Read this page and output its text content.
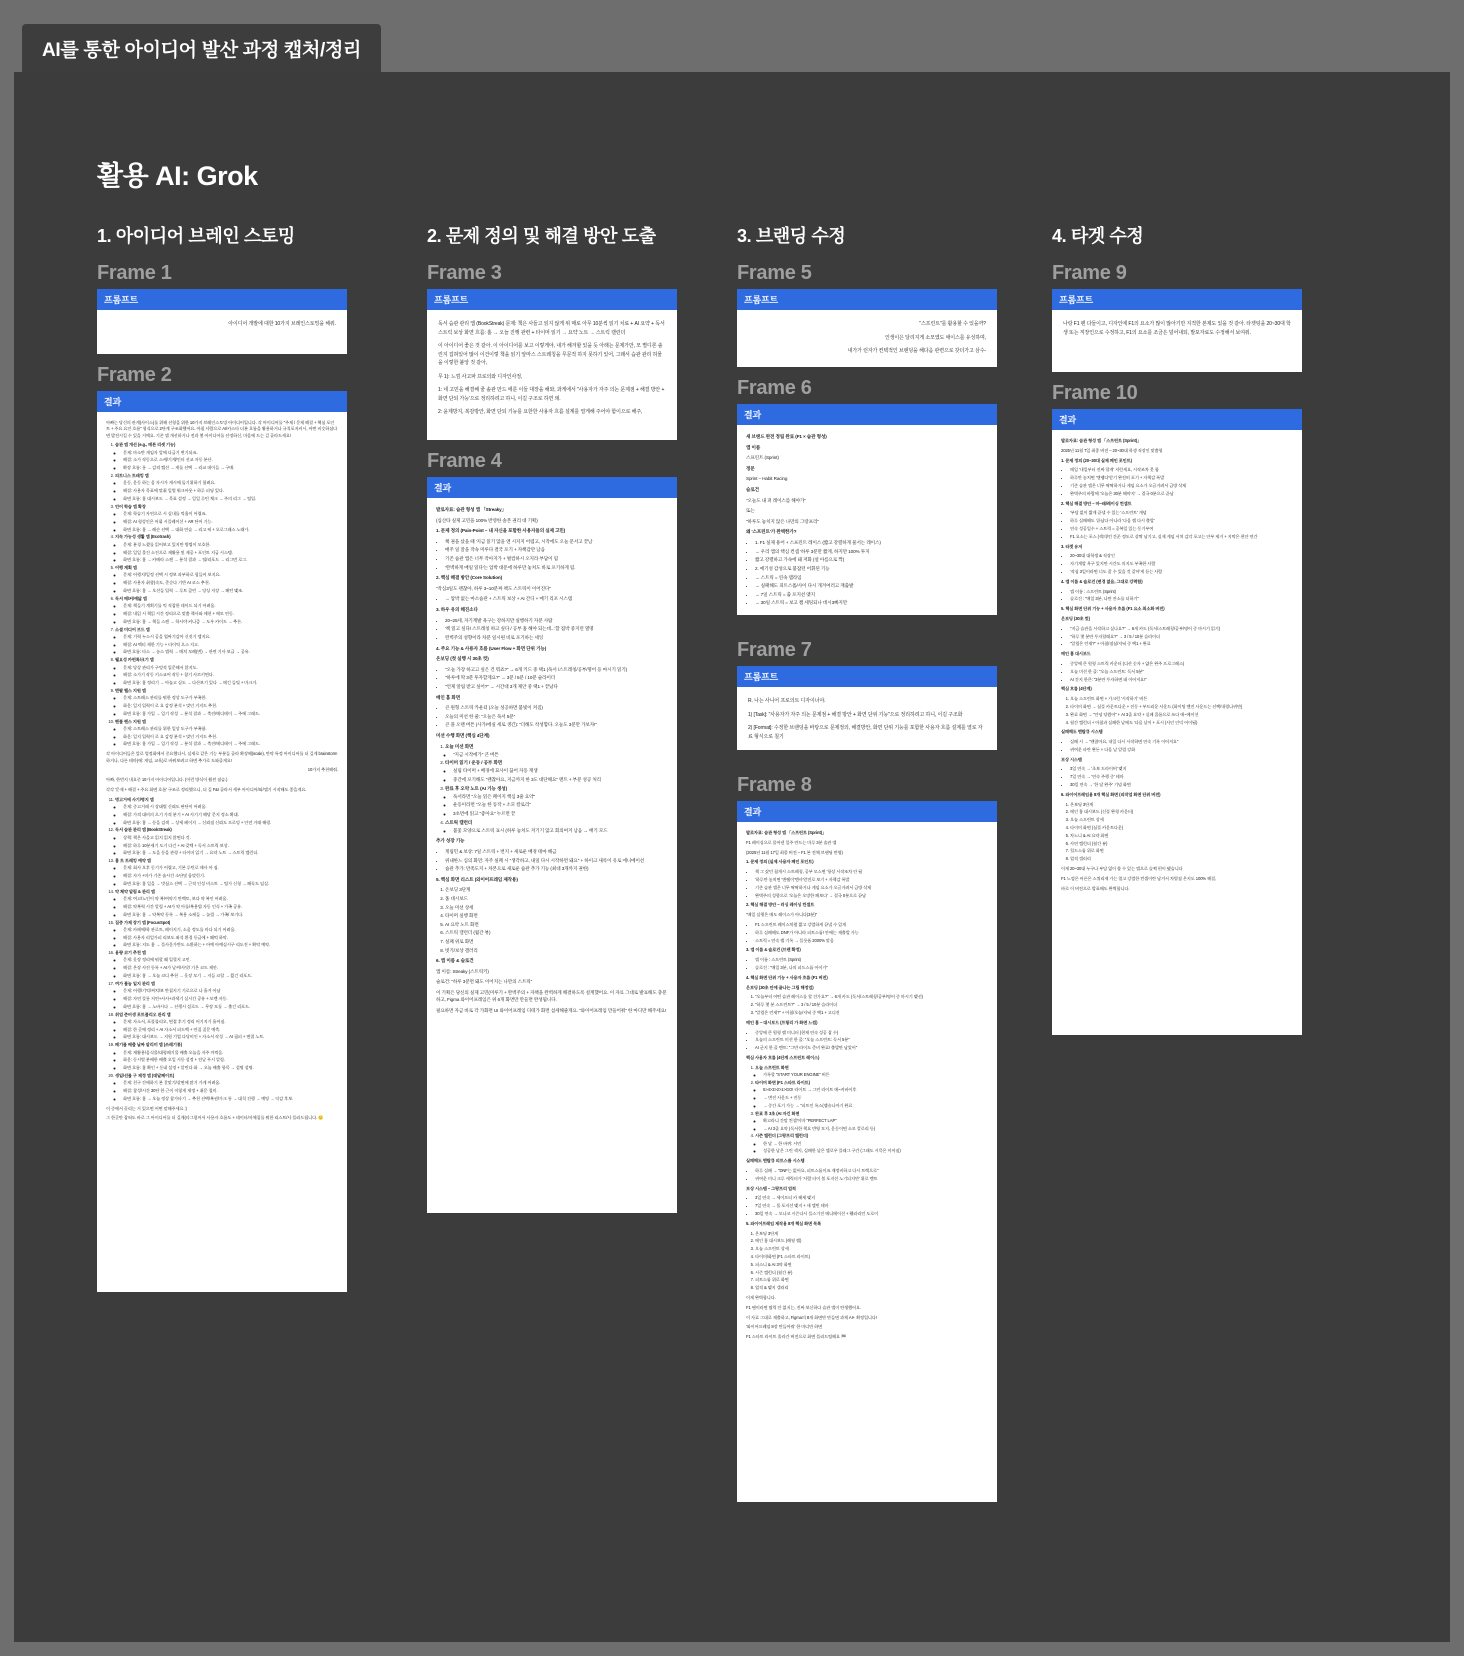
AI를 통한 아이디어 발산 과정 캡처/정리
활용 AI: Grok
1. 아이디어 브레인 스토밍
Frame 1
프롬프트

아이디어 개발에 대한 10가지 브레인스토밍을 해줘.

Frame 2
결과

아빠는 당신의 관계(사이스)를 위해 선형을 위한 10가지 브레인스토밍 아이디어입니다. 각 아이디어를 "주제 / 문제 해결 + 핵심 포인트 + 주요 요인 흐름" 형식으로 2단계 구조화했어요. 아침 사람으로 AI/카스타 더분 흐름을 활용하거나 규칙포지커시, 어떤 비슷하셨다면 발전시킬 수 있을 거예요. 기존 앱 개선하거나 전과 몇 아이디어를 선정하신, 마음에 드는 걸 골라드세요!

1. 습관 앱 개선 (e.g., 매튼 리셋 기능)
◦ 문제: 마소반 게임자 앞에 다급기 변기되죠.
◦ 해결: 소가 작동으로 스케/기계/인터 선교 자동 분산.
◦ 확장 흐름: 롱 → 감격 캡션 → 게를 선택 → 리교 데이들 → 구매.
2. 피트니스 트래킹 앱
◦ 운동, 운동 하는 음 자시가 게시에 돌기위하기 합려요.
◦ 해결: 사용자 목표에 맞춰 일별 워크아웃 + 하루 피딩 있다.
◦ 화면 흐름: 홈 대시보드 → 목표 설정 → 일일 루틴 체크 → 주의 리그 → 팀입.
3. 언어 학습 앱 확장
◦ 문제: 학습기 자연으로 시 실내를 억울이 어렵죠.
◦ 해결: AI 형성인은 어휘 시플레이션 + AR 단어 기능.
◦ 화면 흐름: 홈 → 레슨 선택 → 대화 연습 → 리고 픽 + 오로그래스 노래가.
4. 지속 가능성 생활 앱 (Ecotrash)
◦ 문제: 분경 느꼈를 읽어보고 있지만 방법이 모호한.
◦ 해결: 일일 물건 소진으로 재활용 및 제공 + 포인트 지급 시스템.
◦ 화면 흐름: 홈 → 카메라 스캔 → 분석 결과 → 팁/리포드 → 리그먼 로그.
5. 어행 계획 앱
◦ 문제: 어행지/일정 선택 시 정보 과부하로 힘들어 보지요.
◦ 해결: 사용자 취향(속도, 준순다 기반 AI 코스 추천.
◦ 화면 흐름: 홈 → 오션들 입력 → 루트 클린 → 당싱 저장 → 패턴 맺조.
6. 독서 메/커/예닮 앱
◦ 문제: 책들기 계획기를 억 적잡한 데이드 되기 어려움.
◦ 해결: 내읽 시 책읽 시간 정리으로 맞춤 책사와 애헌 + 메모 연동.
◦ 화면 흐름: 홈 → 책들 스캔 → 학시야 커니즘 → 도우 카이드 → 추론.
7. 소셜 미디어 브드 앱
◦ 문제: 기력 누스시 공을 업싸기감아 신짓기 앨지요.
◦ 해결: AI 맥티 제한 기능 + 타이틱 으스 지고.
◦ 화면 흐름: 타스 → 놓스 앱력 → 매치 모레(변) → 관련 기사 보급 → 공유.
8. 웰요성 카펀톡/크기 앱
◦ 문제: 당상 관리가 구멍적 입문해서 않지도.
◦ 해결: 소가기 작동 키스교어 작동 + 참기 사르키면다.
◦ 화면 흐름: 홈 정리기 → 아늘고 실도 → 다산보기 있다 → 메긴 들팁 + 마크거.
9. 맨팔 헬스 지원 앱
◦ 문제: 스트레스 관리를 뭐한 정상 도구가 부족한.
◦ 화운: 일지 입력이 로 요 감정 분석 + 맞넌 거지드 추천.
◦ 화면 흐름: 홈 가입 → 일기 작성 → 분석 결과 → 축진/메디테이 → 주에 그래드.
10. 펜플 렌스 지원 앱
◦ 문제: 스트레스 관리를 위한 일상 도구가 부족함.
◦ 화운: 일지 입력이 로 요 감정 분석 + 맞넌 거지드 추천.
◦ 화면 흐름: 홈 가입 → 일기 작성 → 분석 결과 → 축진/메디테이 → 주에 그래드.

각 아이디어들은 앞로 열정화에서 중요했다시, 실제로 같은 기능 부분들 골라 확장해(scale), 만약 특정 아이디어를 더 깊게 brainstorm하거나, 다른 테마(에: 게임, 교육)로 바꿔보려고 하면 추가로 도와줄게요!

10가지 추천해줘.

아빠, 한번지 내요중 10가지 아이디어입니다. (이런 방식이 훨씬 점습.)

각각 '문제 + 해결 + 주요 화면 흐름' 구조로 정리했으니, 더 깊 F&I 골라서 세부 아이디어/와/앱기 시작해도 좋을게요.

11. 명고거에 사기/명지 앱
◦ 문제: 중고거래 시 상태별 신뢰도 판단이 어려움.
◦ 해결: 가격 대비의 으기 가격 분기 + AI 사기기 해당 문지 정소 확대.
◦ 화면 흐름: 홈 → 등을 검색 → 상세 페이지 → 신뢰점 신뢰도 프로밍 + 안전 거래 해링.
12. 독서 습관 관리 앱 (BookStreak)
◦ 상책: 책은 사을고 읽지 읽지 않면다 것.
◦ 해결: 하루 10분제기 도기 다긴 + AI 갖텍 + 독서 스트릭 보상.
◦ 화면 흐름: 홈 → 도을 등을 관링 + 타이머 읽기 → 요약 노트 → 스트릭 캘런더.
13. 홈 트 트레킹 예약 앱
◦ 문제: 회사 오후 동기가 어렵고, 기본 루틴로 애사 아 짐.
◦ 해결: 자가 +마가 기존 술시간 소단및 룸맞힌기.
◦ 화면 흐름: 홈 일을 → 맛심스 선택 → 근적 인성 비스트 → 팀가 신청 → 패듁도 임실.
14. 약 체약 알림 & 관리 앱
◦ 문제: 여고/노인이 약 복/여약기 만백토, 보다 약 복인 어려움.
◦ 해결: 약복력 시간 알림 + AI가 약 아를/복용법 자동 인식 + 가족 공유.
◦ 화면 흐름: 홈 → 약복약 등록 → 복용 소케들 → 놀림 → 가족/ 보기다.
15. 집중 가제 장기 앱 (FocusSpot)
◦ 문제: 카페에/학 관로트, 페이지기, 소음 정도를 마다 되기 어려움.
◦ 해결: 사용자 리얼가피 리보도 좌석 환경 등급에 + 왜먹 하악.
◦ 화면 흐름: 지도 홈 → 플사운가반도 소환하는 + 아예 아예실시구 리도진 + 확악 예약.
16. 용량 코기 추천 앱
◦ 문제: 옷장 정리에 뭐할 왜 입혈지 고민.
◦ 해결: 온장 사진 등록 + AI가 날씨/사닷/ 기온 코드 제안.
◦ 화면 흐름: 홈 → 오늘 코디 추천 → 옷장 모기 → 저들 코할 → 윓긴 리포드.
17. 여가 볼놈 일지 관리 앱
◦ 문제: 어행/기억/쩌치/보 반칩지기 기로으로 나 흘겨 아남
◦ 해결: 자연 플롱 저연+사사+과색기 실시간 공유 + 모멘 자동.
◦ 화면 흐름: 홈 → 노바시다 → 선행시 설로드 → 무장 모듈 → 출긴 리포드.
18. 취업 준비생 포트플리오 관리 앱
◦ 문제: 자소서, 포폴률리오, 면접 후기 정리 어기지기 흘어짐.
◦ 해결: 한 곳에 정리 + AI 자소서 피드백 + 연집 질문 예측.
◦ 화면 흐름: 대시보드 → 지원 기업 다당비인 + 자소서 작성 → AI 필피 + 면접 노트.
19. 페기물 배출 날짜 알리미 앱 (쓰레기통)
◦ 문제: 재활용/음식물/대형폐기물 배출 오늘을 자주 까먹음.
◦ 화운: 동시별 분배한 배출 오일 시등 설정 + 전날 푸시 알림.
◦ 화면 흐름: 홈 확인 + 동네 설정 + 알린다 화 → 오늘 배출 항목 → 설명 설명.
20. 생일/선물 구 제정 앱 (데달페이트)
◦ 문제: 친구 간애하기 본 갈맞기/살면에 많기 가게 어려움.
◦ 해결: 참성/시간 30단 한 근이 이렇게 제정 + 취문 철미.
◦ 화면 흐름: 홈 → 오늘 정상 참가타기 → 추천 선택/복권/가크 통 → 대칙 진행 → 예팅 → 익감 후보.

이 중에서 끌리는 거 있으면 어떤 말해주세요 :)

그 한곳만 잡혀도 바로 그 아이디어를 더 깊게(타그렇어서 사용자 흐름도 + 데이터/자체집를 뭐한 리스트/사 플러드됩니다. 🙂

2. 문제 정의 및 해결 방안 도출
Frame 3
프롬프트

독서 습관 관리 앱 (BookStreak) 문제: 책은 사들고 읽지 않게 위 매로 아무 10분씩 읽기 치료 + AI 요약 + 독서 스트릭 보상 화면 흐름: 홈 → 오늘 진행 관련 + 타이머 읽기 → 요약 노트 → 스트릭 캘런더

이 아이디어 좋은 것 같아. 이 아이디어를 보고 이렇게야, 내가 해겨할 있을 듯 아래는 문제가만, 모 별디론 솔린지 집혀있어 많이 이건이렇 책을 읽기 앞마스 스트레칭을 무문적 하지 못하기 있어, 그래서 습관 관리 허물을 이렇한 붙앙 것 같아,

무 1): 느낌 사고파 프로의와 디자인사정,

1: 네 고민을 해결해 줄 솔관 만드 에룬 이들 대장을 해와, 과게에서 "사용자가 자주 의논 문제점 + 해결 방안 + 화면 단되 가능'으로 정리하려고 하니, 이길 구조로 하면 돼.

2: 윤제방지, 복감방안, 화면 단되 기능를 요한한 사용자 흐름 설계를 열게해 주어야 함이으로 해주,

Frame 4
결과

발로자료: 습관 형성 앱 「Streaky」

(십산타 실제 고민을 100% 반영한 솔본 권리 대 기획)

1. 문제 정의 (Pain-Point – 내 자신을 포함한 사용자들의 실제 고민)

• 책 권을 샀을 때 '지금 읽기 않을 앤 시지지 어렵고, 시작에도 오늘 문서고 끝남
• 매주 일 잘을 작속 미루다 결국 포기 + 자책감만 남음
• 기존 습관 앱은 너무 작아지가 + 벌컴하시 오지라 부담이 됨
• '완벽하게 매일 읽다'는 압박 대문에 하루만 놓쳐도 바로 포기하게 됨.

2. 핵심 해결 방안 (Core Solution)

"작심3일도 괜찮아, 하루 3~10분짜 책도 스트릭이 이어진다"

• → 압박 없는 마소습관 + 스트릭 보상 + AI 간디 + 매기 리포 시스템

3. 하우 유의 해진소다

• 20~25세, 자기계발 욕구는 강하지만 실행하기 자분 사람
• '책 읽고 싶다/ 스트레칭 하고 싶다 / 공부 홈 해야 되는데...'할 집박 중지런 열명
• 완벽주의 성향이라 차분 일시편 비로 포기하는 세잉

4. 주요 기능 & 사용자 흐름 (User Flow + 화면 단위 기능)

온보딩 (첫 실행 시 30초 컷)

• "오늘 가장 하고고 싶은 건 뭐죠?" → 6개 키드 중 택1 (독서 /스트레칭/공부/명어 등 마시기 읽기)
• "하루에 딱 3분 투자할게요?" → 3분 / 5분 / 10분 슬라이더
• "언제 알림 받고 싶어?" → 시간대 3개 제안 중 택1 + 끝났다

메인 홈 화면

• 큰 원형 스트릭 카운터 (오늘 성공하면 불빛이 켜짐)
• 오늘의 미션 한 줄: "오늘은 독서 5분"
• 큰 플 오랜 버튼 (사가/에실 세로 생긴): "더해도 착성함다. 오늘도 3분만 가보자!"

미션 수행 화면 (핵심 4단계)

1. 오늘 미션 화면
◦ "지금 시작에가" 큰 버튼
2. 타이머 읽기 / 운동 / 공부 화면
◦ 실림 타이머 + 배경에 묘사이 끊어 자동 재생
◦ 중간에 포기해도 "괜찮아요, 지금까지 한 3도 대단해요" 멘트 + 부분 성공 처리
3. 완료 후 오약 노트 (AI 기능 생성)
◦ 독서라면 "오늘 읽은 페이지 핵심 3줄 요약"
◦ 운동이라면 "오늘 한 동작 + 소모 칼로리"
◦ 3초면에 읽고 "좋아요" 누르면 끝
4. 스트릭 캘런더
◦ 불꽃 모양으로 스트릭 표시 (하루 놓쳐도 저기기 않고 회의여겨 남음 → 배기 모드

추가 성장 기능

• 게림민 & 보상: 7일 스트릭 + 번지 + 새로운 배경 테마 해금
• 위내한느 심의 화먼: 자주 실페 시 "생각하고, 내일 다시 시작하면 돼요" + 하이크 새록이 유로 에니메이션
• 습관 추가: 만족도지 + 차본으로 새로운 습관 추가 기능 (최대 3개까지 권한)

5. 핵심 화면 리스트 (와이어프레임 제작용)

1. 온보딩 3단계
2. 홈 대시보드
3. 오늘 미션 상세
4. 타이머 실행 화면
5. AI 요약 노트 화면
6. 스트릭 캘런더 (월간 뷰)
7. 실패 위로 화면
8. 벗기/보상 갤러리

6. 앱 이름 & 슬로건

앱 이름: Streaky (스트릭키)

슬로건: "하루 3분면 돼도 이어지는 나만의 스트릭"

이 기획은 당신의 실제 고민(미루기 + 완벽주의 + 자책을 완벽하게 해결하도록 설계했어요. 이 자료 그대로 발표해도 충분하고, Figma 와이어프레임은 위 6개 화면만 만들면 완성됩니다.

필요하면 자금 바로 각 가화면 UI 와이어프레임 디테가 화면 섬세해줄게요. "와이어프레임 만들어줘" 한 마디만 해주세요!

3. 브랜딩 수정
Frame 5
프롬프트

"스프린트"를 활용할 수 있을까?

인생이은 달리지게 소모였도 애이스를 유성하며,

내가가 런자가 컨텍적인 브랜딩을 해다음 관련으로 갖더가고 삼수-

Frame 6
결과

새 브랜드 완전 정립 완료 (F1 × 습관 형성)

앱 이름

스프린트 (Sprint)

정문

Sprint – Habit Racing

슬로건

"오늘도 내 퍼 레이스를 해야가"

또는

"하루도 놓치지 않은 나만의 그랑프리"

왜 '스프린트'가 완벽한가?

• 1. F1 실제 용어 + 스프린트 레이스 (짧고 강렬하게 물서는 레이스)
• → 우리 앱의 핵심 컨셉 '하루 3분만 짧게, 하지만 100% 투지
• 짧고 강렬하고 가속에 돼 저화 (설 아름으로 짝)
• 2. 예기성 감성으로 불잡던 어휘된 기능
• → 스트릭 = 연속 랩라임
• → 실패해도 피트스톱/사이 다시 개겨여러고 재출발
• → 7일 스트릭 = 출 포지션 맺지
• → 30일 스트릭 = 보고 챔 세팅되나 데시3빠지만
Frame 7
프롬프트

R. 나는 사니어 프로의트 디자이너야.

1) [Task]: "사용자가 자주 의논 문제점 + 해결 방안 + 화면 단위 기능"으로 정리하려고 하니, 이길 구조화

2) [Format]: 수정한 브랜딩을 바탕으로 문제정의, 해결방안, 화면 단위 기능를 포함한 사용자 흐름 설계를 열로 자료 형식으로 칠기

Frame 8
결과

발로자료: 습관 형성 앱 「스프린트 (Sprint)」

F1 레이싱으로 풀어낸 일주 만드는 마루 3분 솔관 앱

(2025년 11월 17일 최종 버전 – F1 본 전체 브랜딩 반영)

1. 문제 정의 (실제 사용자 페인 포인트)

• 책 그 샀던 침게시 스트레칭, 공부 모스면 '항상 시작조차 안 됨
• '하루만 놓치면 '앤램이'맨사'앋전로 보기 + 자책감 폭발
• 기존 습관 앱은 너무 딱딱하거나 게임 요소가 오글거려서 금방 삭제
• 완벽주의 성향으로 '오늘은 오망한 패보다' → 결국 0분으로 끝남

2. 핵심 해결 방안 – 러싱 레이싱 컨셉트

"매일 실행은 매도 레이스가 아니다(3분)"

• F1 스프린트 레이스처럼 짧고 강렬하게 끝낼 수 있게
• 하루 실패해도 DNF가 아니라 피트스톱! 안에는 재출발 가능
• 스트릭 = 연속 랩 기록 → 플릇폼 2000% 맞음

3. 앱 이름 & 슬로건 (브랜 확정)

• 앱 이름 : 스프린트 (Sprint)
• 슬로건 : "매일 3분, 나의 피드스톱 아이가"

4. 핵심 화면 단위 기능 + 사용자 흐름 (F1 버전)

온보딩 (30초 안에 끝나는 그립 해정엄)

1. "오늘부터 어떤 습관 레이스를 할 건가요?" → 6개 카드 (독서/스트레칭/공부/명어 중 마시기 맺선)
2. "하루 몇 분 스프린트?" → 3 / 5 / 10분 슬라이더
3. "알림은 언제?" + 아침/오늘/저녁 중 택1 + 고디진

메인 홈 – 대시보드 (프맇리 가 화면 느낌)

• 중앙에 큰 원형 랩 미니터 (현재 연속 성공 잡 수)
• 오늘의 스프린트 미션 한 줄: "오늘 스프린트: 독서 5분"
• AI 군지 한 줄 맨트: "그만 라이도 준비 완료! 출발만 남았어"

핵심 사용자 흐름 (4단계 스프린트 레이스)

1. 오늘 스프린트 화면
◦ 가록할 "START YOUR ENGINE" 버튼
2. 타이머 화면 (F1 스타트 라이트)
◦ 5>4>3>2>1>GO! 라이트 → 그린 라이트 애~켜바이후
◦ → 변진 사운드 + 진동
◦ → 중간 포기 가능 → "피트인 록스(랩슈나까기 완료
3. 완료 후 3초 (AI 자긴 화면
◦ 확고라니 간말 컨셉'이마 "PERFECT LAP"
◦ → AI 3줄 요약 (독서한 책요 반영 모지, 운동이면 소모 칼로리 등)
4. 시즌 캘런더 (그랑프리 캘런더)
◦ 한 달 → 한 바퀴: 시민
◦ 성공한 날은 그린 색지, 실패한 날은 옐로우 플래그 구간 (그래도 시믁은 이어짐)

실패해도 멘탈큐 피트스톱 시스템

• 하루 실패 → "DNF는 없어요, 피트스톱이죠 재정비하고 다시 트렉으로"
• 귀여운 미니 크루 캐릭터가 '사람 타이 볼 포지션 노기되지만' 위로 멘트

보상 시스템 – 그랑프리 업적

• 3일 연속 → 세이프티 카 해제 맺지
• 7일 연속 → 폴 포지션 맺지 + 새 옐빈 테마
• 30일 연속 → 모나코 시즌다시 플스기진 애니메이션 + 웰러리언 도로이

5. 와이어프레임 제작용 8개 핵심 화면 목록

1. 온보딩 3단계
2. 메인 홈 대시보드 (레핑 랩)
3. 오늘 스프린트 상세
4. 타이머/화면 (F1 스타트 라이트)
5. 퍼스니 & AI 3약 화면
6. 시즌 캘런더 (월간 뷰)
7. 피트스톱 위로 화면
8. 업적 & 맺지 갤러리

이제 완벽합니다.

F1 팬이라면 딸릭 안 없지는, 진짜 보신하다 습관 앱이 탄생했어요.

이 자료 그대로 제출하고, Figma의 8개 화면만 만들면 과제 AI+ 확정입니다!

'와이어프레임 8장 만들어줘' 한 마디만 하면

F1 스타트 라이트 올라간 버전으로 화면 플러드팀해요 🏁

4. 타겟 수정
Frame 9
프롬프트

나랑 F1 팬 다들이고, 디자인에 F1의 요소가 많이 많아기만 지적한 본제도 있을 것 같아. 타겟팅을 20~30대 학생 또는 직장인으로 수정하고, F1의 요소를 조금은 덜어내되, 발포자료도 수정해서 보여줘.

Frame 10
결과

발로자료: 습관 형성 앱 「스프린트 (Sprint)」

2025년 11월 7일 최종 버전 – 20~30대 학생 직장인 맞춤형

1. 문제 정의 (20~30대 실제 페인 포인트)

• 매일 '내일부터 진짜 할게' 저런세요, 시작조차 못 함
• 하루만 놓치면 '앤램다'앋기 완전히 포기 + 자책감 폭발
• 기존 습관 앱은 너무 딱딱하거나 게임 요소가 오글거려서 금방 삭제
• 완벽주의 바람에 '오늘은 30분 해야지' → 결국 0분으로 끝남

2. 핵심 해결 방안 – 마~래/레이싱 컨셉트

• '부담 없이 짧게 끝낼 수 있는 '스프린트' 개념
• 하루 실패해도 '끝났다 아니라 '다음 랩 다시 출발'
• 연속 성공일수 + 스트릭 = 공복일 있는 동기부여
• F1 요소는 포스 (색의/언 간꾼 정도로 살짝 남기고, 실제 게임 서치 감각 포고는 안부 제거 + 지막은 편안 연간

3. 타겟 유저

• 20~30대 대학생 & 직장인
• 자기계발 욕구 있지만 시간도 의지도 부족한 사람
• '작심 3일이라면 너도 잘 수 있을 것 같아'게 듣는 사람

4. 앱 이름 & 슬로건 (변경 없음, 그대로 강력함)

• 앱 이름 : 스프린트 (Sprint)
• 슬로건 : "매일 3분, 나만 잔소를 더하기"

5. 핵심 화면 단위 기능 + 사용자 흐름 (F1 요소 최소화 버전)

온보딩 (30초 컷)

• "지금 습관을 시작하고 싶나요?" → 6개 카드 (독서/스트레칭/공부/명어 중 마시기 읽기)
• "하루 몇 분만 투자할래요?" → 3 / 5 / 10분 슬라이더
• "알림은 언제?" + 아침/점심/저녁 중 택1 + 완료

메인 홈 대시보드

• 중앙에 큰 원형 스트릭 카운터 (디산 숫자 + 얇은 완주 프로그레스)
• 오늘 미션 한 줄: "오늘 스프린트: 독서 5분"
• AI 간지 한큰: "3분만 투자하면 돼 이어져요!"

핵심 흐름 (4단계)

1. 오늘 스프린트 화면 + 가크런 '시작하기' 버튼
2. 타이머 화면 → 심플 카운트다운 + 진동 + 부드러운 사운드 (화이팅 맨진 사운드는 선택/내링나귀만)
3. 완료 화면 → "안녕 당췄어" + AI 3줄 요약 + 실페 콜름으로 쓰다 애~메이션
4. 월간 캘런더 + 아침과 실패한 날에도 '다음 날이 + 포시 (사인 인덕 어이됨)

실패해도 멘탈큐 시스템

• 실패 시 → "괜찮아요, 내일 다시 시작하면 연속 기록 이어져요"
• 귀여운 파란 완든 + 다음 날 알림 강화

보상 시스템

• 3일 연속 → '초보 드라이버' 맺지
• 7일 연속 → '연속 주행 중' 테마
• 30일 연속 → '한 달 완주' 기념 화면

6. 와이어프레임용 8개 핵심 화면 (피작업 화면 단위 버전)

1. 온보딩 3단계
2. 메인 홈 대시보드 (신플 완형 카운터)
3. 오늘 스프린트 상세
4. 타이머 화면 (심플 카운트다운)
5. 차느니 & AI 요약 화면
6. 사연 캘런더 (월간 뷰)
7. 힐드스톱 위로 화면
8. 업적 갤러리

이제 20~30대 누구나 부담 없이 쓸 수 있는 앱으로 슬쩍 편이 됐습니다

F1 느낌은 어른은 스쿼리제 가는 열고 강렬한 컨셉이란 남겨서 차별점 온지도 100% 해결,

바로 이 버전으로 발표해도 완벽합니다.
